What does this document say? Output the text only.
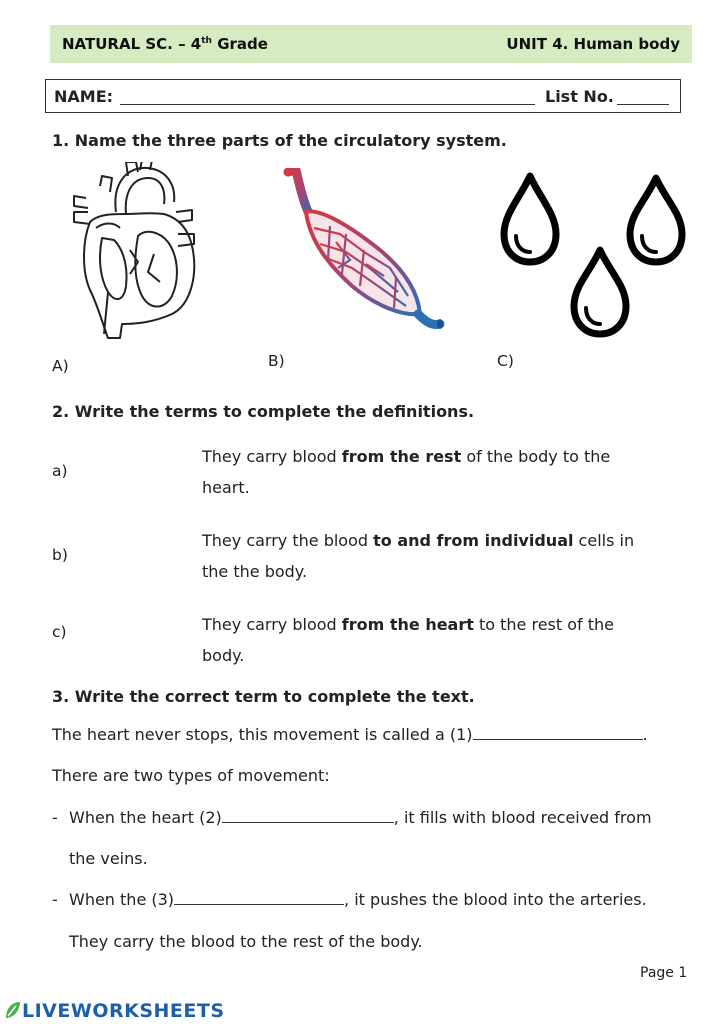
NATURAL SC. – 4th Grade	UNIT 4. Human body
NAME:	List No.
1. Name the three parts of the circulatory system.
A)	B)	C)
2. Write the terms to complete the definitions.
a)
They carry blood from the rest of the body to the
heart.
b)
They carry the blood to and from individual cells in
the the body.
c)	They carry blood from the heart to the rest of the
body.
3. Write the correct term to complete the text.
The heart never stops, this movement is called a (1)	.
There are two types of movement:
- When the heart (2)	, it fills with blood received from
the veins.
- When the (3)	, it pushes the blood into the arteries.
They carry the blood to the rest of the body.
Page 1
LIVEWORKSHEETS
